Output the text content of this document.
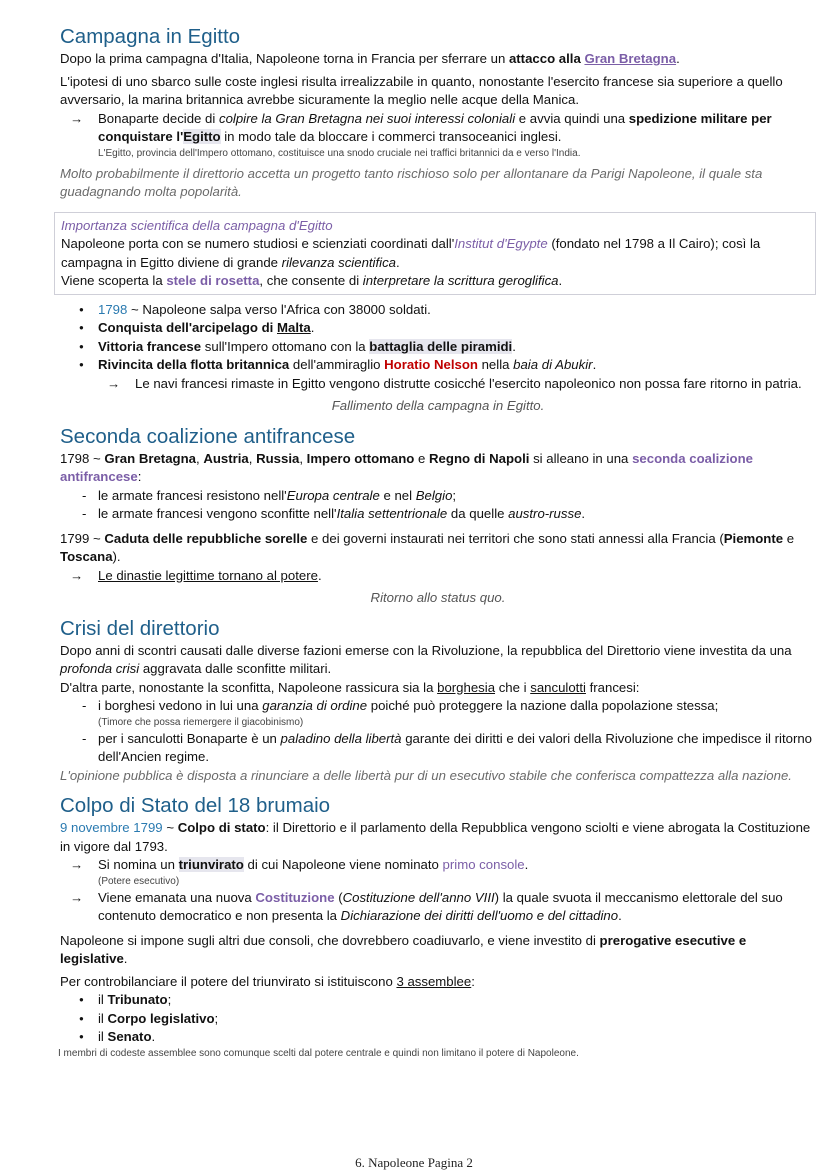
Campagna in Egitto

Dopo la prima campagna d'Italia, Napoleone torna in Francia per sferrare un attacco alla Gran Bretagna.

L'ipotesi di uno sbarco sulle coste inglesi risulta irrealizzabile in quanto, nonostante l'esercito francese sia superiore a quello avversario, la marina britannica avrebbe sicuramente la meglio nelle acque della Manica.

→ Bonaparte decide di colpire la Gran Bretagna nei suoi interessi coloniali e avvia quindi una spedizione militare per conquistare l'Egitto in modo tale da bloccare i commerci transoceanici inglesi.
L'Egitto, provincia dell'Impero ottomano, costituisce una snodo cruciale nei traffici britannici da e verso l'India.

Molto probabilmente il direttorio accetta un progetto tanto rischioso solo per allontanare da Parigi Napoleone, il quale sta guadagnando molta popolarità.

Importanza scientifica della campagna d'Egitto
Napoleone porta con se numero studiosi e scienziati coordinati dall'Institut d'Egypte (fondato nel 1798 a Il Cairo); così la campagna in Egitto diviene di grande rilevanza scientifica.
Viene scoperta la stele di rosetta, che consente di interpretare la scrittura geroglifica.
● 1798 ~ Napoleone salpa verso l'Africa con 38000 soldati.
● Conquista dell'arcipelago di Malta.
● Vittoria francese sull'Impero ottomano con la battaglia delle piramidi.
● Rivincita della flotta britannica dell'ammiraglio Horatio Nelson nella baia di Abukir.
→ Le navi francesi rimaste in Egitto vengono distrutte cosicché l'esercito napoleonico non possa fare ritorno in patria.

Fallimento della campagna in Egitto.

Seconda coalizione antifrancese

1798 ~ Gran Bretagna, Austria, Russia, Impero ottomano e Regno di Napoli si alleano in una seconda coalizione antifrancese:

- le armate francesi resistono nell'Europa centrale e nel Belgio;
- le armate francesi vengono sconfitte nell'Italia settentrionale da quelle austro-russe.

1799 ~ Caduta delle repubbliche sorelle e dei governi instaurati nei territori che sono stati annessi alla Francia (Piemonte e Toscana).

→ Le dinastie legittime tornano al potere.

Ritorno allo status quo.

Crisi del direttorio

Dopo anni di scontri causati dalle diverse fazioni emerse con la Rivoluzione, la repubblica del Direttorio viene investita da una profonda crisi aggravata dalle sconfitte militari.

D'altra parte, nonostante la sconfitta, Napoleone rassicura sia la borghesia che i sanculotti francesi:

- i borghesi vedono in lui una garanzia di ordine poiché può proteggere la nazione dalla popolazione stessa;
(Timore che possa riemergere il giacobinismo)
- per i sanculotti Bonaparte è un paladino della libertà garante dei diritti e dei valori della Rivoluzione che impedisce il ritorno dell'Ancien regime.

L'opinione pubblica è disposta a rinunciare a delle libertà pur di un esecutivo stabile che conferisca compattezza alla nazione.

Colpo di Stato del 18 brumaio

9 novembre 1799 ~ Colpo di stato: il Direttorio e il parlamento della Repubblica vengono sciolti e viene abrogata la Costituzione in vigore dal 1793.

→ Si nomina un triunvirato di cui Napoleone viene nominato primo console.
(Potere esecutivo)
→ Viene emanata una nuova Costituzione (Costituzione dell'anno VIII) la quale svuota il meccanismo elettorale del suo contenuto democratico e non presenta la Dichiarazione dei diritti dell'uomo e del cittadino.

Napoleone si impone sugli altri due consoli, che dovrebbero coadiuvarlo, e viene investito di prerogative esecutive e legislative.

Per controbilanciare il potere del triunvirato si istituiscono 3 assemblee:

● il Tribunato;
● il Corpo legislativo;
● il Senato.
I membri di codeste assemblee sono comunque scelti dal potere centrale e quindi non limitano il potere di Napoleone.
6. Napoleone Pagina 2
